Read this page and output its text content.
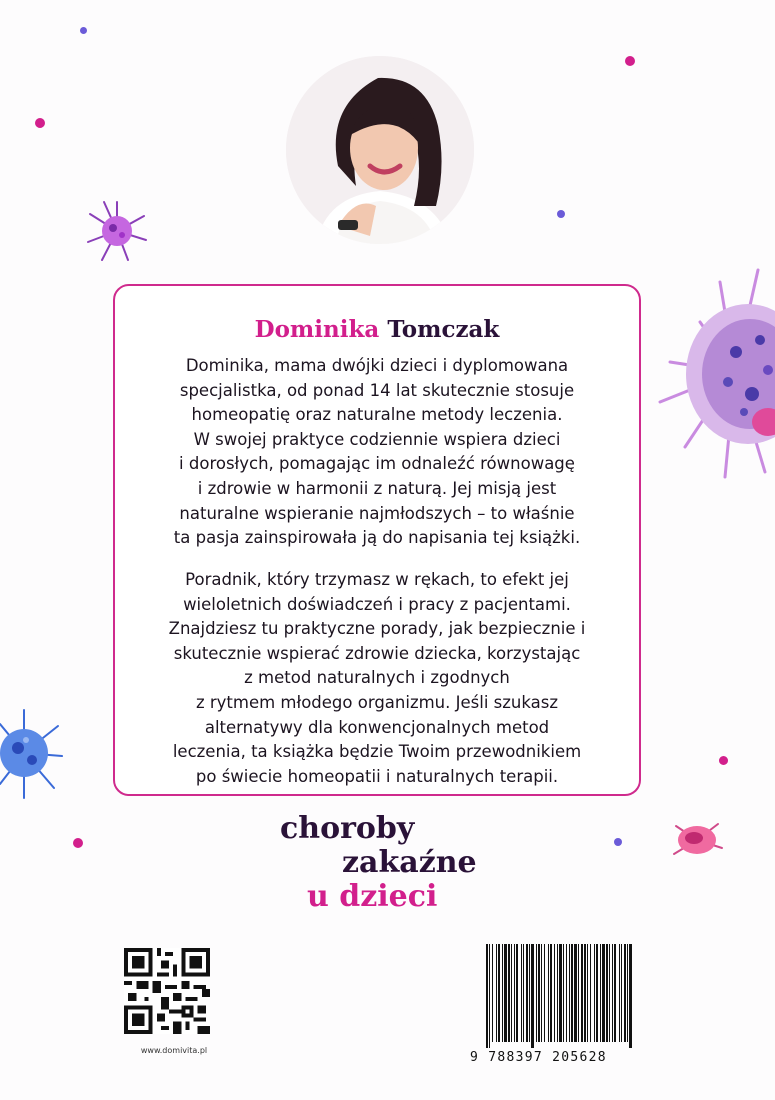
Dominika Tomczak
Dominika, mama dwójki dzieci i dyplomowana
specjalistka, od ponad 14 lat skutecznie stosuje
homeopatię oraz naturalne metody leczenia.
W swojej praktyce codziennie wspiera dzieci
i dorosłych, pomagając im odnaleźć równowagę
i zdrowie w harmonii z naturą. Jej misją jest
naturalne wspieranie najmłodszych – to właśnie
ta pasja zainspirowała ją do napisania tej książki.
Poradnik, który trzymasz w rękach, to efekt jej
wieloletnich doświadczeń i pracy z pacjentami.
Znajdziesz tu praktyczne porady, jak bezpiecznie i
skutecznie wspierać zdrowie dziecka, korzystając
z metod naturalnych i zgodnych
z rytmem młodego organizmu. Jeśli szukasz
alternatywy dla konwencjonalnych metod
leczenia, ta książka będzie Twoim przewodnikiem
po świecie homeopatii i naturalnych terapii.
choroby
zakaźne
u dzieci
www.domivita.pl	9 788397 205628
